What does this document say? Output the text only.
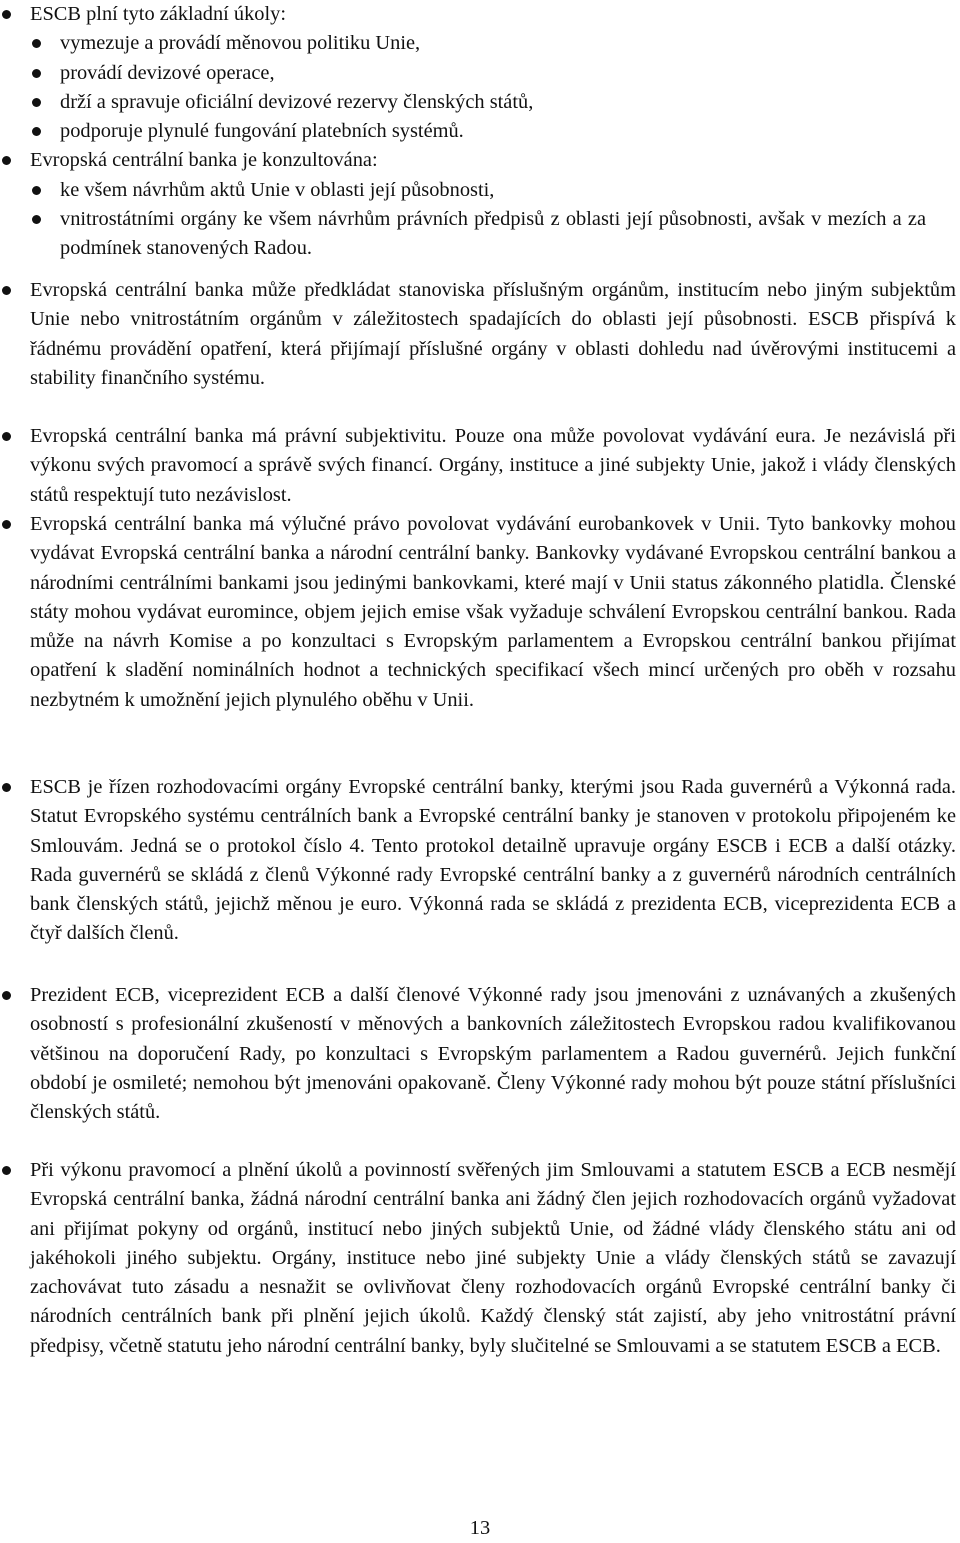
ESCB plní tyto základní úkoly:

vymezuje a provádí měnovou politiku Unie,

provádí devizové operace,

drží a spravuje oficiální devizové rezervy členských států,

podporuje plynulé fungování platebních systémů.

Evropská centrální banka je konzultována:

ke všem návrhům aktů Unie v oblasti její působnosti,

vnitrostátními orgány ke všem návrhům právních předpisů z oblasti její působnosti, avšak v mezích a za podmínek stanovených Radou.

Evropská centrální banka může předkládat stanoviska příslušným orgánům, institucím nebo jiným subjektům Unie nebo vnitrostátním orgánům v záležitostech spadajících do oblasti její působnosti. ESCB přispívá k řádnému provádění opatření, která přijímají příslušné orgány v oblasti dohledu nad úvěrovými institucemi a stability finančního systému.

Evropská centrální banka má právní subjektivitu. Pouze ona může povolovat vydávání eura. Je nezávislá při výkonu svých pravomocí a správě svých financí. Orgány, instituce a jiné subjekty Unie, jakož i vlády členských států respektují tuto nezávislost.

Evropská centrální banka má výlučné právo povolovat vydávání eurobankovek v Unii. Tyto bankovky mohou vydávat Evropská centrální banka a národní centrální banky. Bankovky vydávané Evropskou centrální bankou a národními centrálními bankami jsou jedinými bankovkami, které mají v Unii status zákonného platidla. Členské státy mohou vydávat euromince, objem jejich emise však vyžaduje schválení Evropskou centrální bankou. Rada může na návrh Komise a po konzultaci s Evropským parlamentem a Evropskou centrální bankou přijímat opatření k sladění nominálních hodnot a technických specifikací všech mincí určených pro oběh v rozsahu nezbytném k umožnění jejich plynulého oběhu v Unii.

ESCB je řízen rozhodovacími orgány Evropské centrální banky, kterými jsou Rada guvernérů a Výkonná rada. Statut Evropského systému centrálních bank a Evropské centrální banky je stanoven v protokolu připojeném ke Smlouvám. Jedná se o protokol číslo 4. Tento protokol detailně upravuje orgány ESCB i ECB a další otázky. Rada guvernérů se skládá z členů Výkonné rady Evropské centrální banky a z guvernérů národních centrálních bank členských států, jejichž měnou je euro. Výkonná rada se skládá z prezidenta ECB, viceprezidenta ECB a čtyř dalších členů.

Prezident ECB, viceprezident ECB a další členové Výkonné rady jsou jmenováni z uznávaných a zkušených osobností s profesionální zkušeností v měnových a bankovních záležitostech Evropskou radou kvalifikovanou většinou na doporučení Rady, po konzultaci s Evropským parlamentem a Radou guvernérů. Jejich funkční období je osmileté; nemohou být jmenováni opakovaně. Členy Výkonné rady mohou být pouze státní příslušníci členských států.

Při výkonu pravomocí a plnění úkolů a povinností svěřených jim Smlouvami a statutem ESCB a ECB nesmějí Evropská centrální banka, žádná národní centrální banka ani žádný člen jejich rozhodovacích orgánů vyžadovat ani přijímat pokyny od orgánů, institucí nebo jiných subjektů Unie, od žádné vlády členského státu ani od jakéhokoli jiného subjektu. Orgány, instituce nebo jiné subjekty Unie a vlády členských států se zavazují zachovávat tuto zásadu a nesnažit se ovlivňovat členy rozhodovacích orgánů Evropské centrální banky či národních centrálních bank při plnění jejich úkolů. Každý členský stát zajistí, aby jeho vnitrostátní právní předpisy, včetně statutu jeho národní centrální banky, byly slučitelné se Smlouvami a se statutem ESCB a ECB.

13
